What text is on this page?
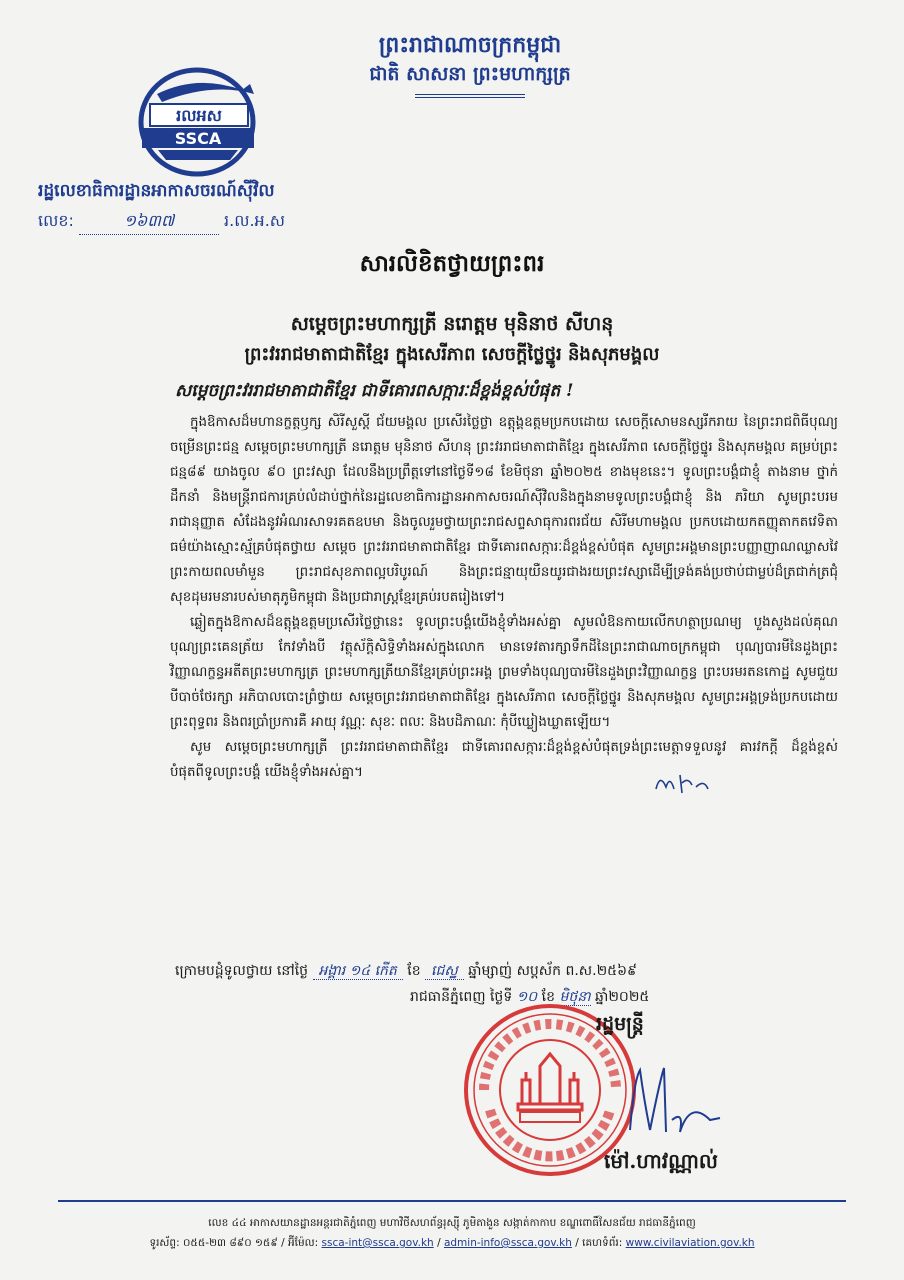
ព្រះរាជាណាចក្រកម្ពុជា

ជាតិ សាសនា ព្រះមហាក្សត្រ

រលអស
SSCA
រដ្ឋលេខាធិការដ្ឋានអាកាសចរណ៍ស៊ីវិល
លេខ:	១៦៣៧	រ.ល.អ.ស
សារលិខិតថ្វាយព្រះពរ
សម្តេចព្រះមហាក្សត្រី នរោត្តម មុនិនាថ សីហនុ
ព្រះវររាជមាតាជាតិខ្មែរ ក្នុងសេរីភាព សេចក្តីថ្លៃថ្នូរ និងសុភមង្គល
សម្តេចព្រះវររាជមាតាជាតិខ្មែរ ជាទីគោរពសក្ការៈដ៏ខ្ពង់ខ្ពស់បំផុត !

ក្នុងឱកាសដ៏មហានក្ខត្តឫក្ស សិរីសួស្តី ជ័យមង្គល ប្រសើរថ្លៃថ្លា ឧត្តុង្គឧត្តមប្រកបដោយ សេចក្តីសោមនស្សរីករាយ នៃព្រះរាជពិធីបុណ្យចម្រើនព្រះជន្ម សម្តេចព្រះមហាក្សត្រី នរោត្តម មុនិនាថ សីហនុ ព្រះវររាជមាតាជាតិខ្មែរ ក្នុងសេរីភាព សេចក្តីថ្លៃថ្នូរ និងសុភមង្គល គម្រប់ព្រះជន្ម៨៩ យាងចូល ៩០ ព្រះវស្សា ដែលនឹងប្រព្រឹត្តទៅនៅថ្ងៃទី១៨ ខែមិថុនា ឆ្នាំ២០២៥ ខាងមុខនេះ។ ទូលព្រះបង្គំជាខ្ញុំ តាងនាម ថ្នាក់ដឹកនាំ និងមន្ត្រីរាជការគ្រប់លំដាប់ថ្នាក់នៃរដ្ឋលេខាធិការដ្ឋានអាកាសចរណ៍ស៊ីវិលនិងក្នុងនាមទូលព្រះបង្គំជាខ្ញុំ និង ភរិយា សូមព្រះបរមរាជានុញ្ញាត សំដែងនូវអំណរសាទរគតឧបមា និងចូលរួមថ្វាយព្រះរាជសព្ទសាធុការពរជ័យ សិរីមហាមង្គល ប្រកបដោយកតញ្ញុតាកតវេទិតាធម៌យ៉ាងស្មោះស្ម័គ្របំផុតថ្វាយ សម្តេច ព្រះវររាជមាតាជាតិខ្មែរ ជាទីគោរពសក្ការៈដ៏ខ្ពង់ខ្ពស់បំផុត សូមព្រះអង្គមានព្រះបញ្ញាញាណឈ្លាសវៃ ព្រះកាយពលមាំមួន ព្រះរាជសុខភាពល្អបរិបូរណ៍ និងព្រះជន្មាយុយឺនយូរជាងរយព្រះវស្សាដើម្បីទ្រង់គង់ប្រថាប់ជាម្លប់ដ៏ត្រជាក់ត្រជុំសុខដុមរមនារបស់មាតុភូមិកម្ពុជា និងប្រជារាស្ត្រខ្មែរគ្រប់របតរៀងទៅ។

ឆ្លៀតក្នុងឱកាសដ៏ឧត្តុង្គឧត្តមប្រសើរថ្លៃថ្លានេះ ទូលព្រះបង្គំយើងខ្ញុំទាំងអស់គ្នា សូមលំឱនកាយលើកហត្ថាប្រណម្យ បួងសួងដល់គុណបុណ្យព្រះគេនត្រ័យ កែវទាំងបី វត្ថុស័ក្តិសិទ្ធិទាំងអស់ក្នុងលោក មានទេវតារក្សាទឹកដីនៃព្រះរាជាណាចក្រកម្ពុជា បុណ្យបារមីនៃដួងព្រះវិញ្ញាណក្ខន្ធអតីតព្រះមហាក្សត្រ ព្រះមហាក្សត្រីយានីខ្មែរគ្រប់ព្រះអង្គ ព្រមទាំងបុណ្យបារមីនៃដួងព្រះវិញ្ញាណក្ខន្ធ ព្រះបរមរតនកោដ្ឋ សូមជួយបីបាច់ថែរក្សា អភិបាលបោះព្រំថ្វាយ សម្តេចព្រះវររាជមាតាជាតិខ្មែរ ក្នុងសេរីភាព សេចក្តីថ្លៃថ្នូរ និងសុភមង្គល សូមព្រះអង្គទ្រង់ប្រកបដោយព្រះពុទ្ធពរ និងពរប្រាំប្រការគឺ អាយុ វណ្ណៈ សុខៈ ពលៈ និងបដិភាណៈ កុំបីឃ្លៀងឃ្លាតឡើយ។

សូម សម្តេចព្រះមហាក្សត្រី ព្រះវររាជមាតាជាតិខ្មែរ ជាទីគោរពសក្ការៈដ៏ខ្ពង់ខ្ពស់បំផុតទ្រង់ព្រះមេត្តាទទួលនូវ គារវកក្តី ដ៏ខ្ពង់ខ្ពស់បំផុតពីទូលព្រះបង្គំ យើងខ្ញុំទាំងអស់គ្នា។

ក្រោមបដ្តំទូលថ្វាយ នៅថ្ងៃ អង្គារ ១៤ កើត ខែ ជេស្ឋ ឆ្នាំម្សាញ់ សប្តស័ក ព.ស.២៥៦៩
រាជធានីភ្នំពេញ ថ្ងៃទី ១០ ខែ មិថុនា ឆ្នាំ២០២៥
រដ្ឋមន្ត្រី
ម៉ៅ.ហាវណ្ណាល់
លេខ ៤៤ អាកាសយានដ្ឋានអន្តរជាតិភ្នំពេញ មហាវិថីសហព័ន្ធរុស្ស៊ី ភូមិតាងួន សង្កាត់កាកាប ខណ្ឌពោធិ៍សែនជ័យ រាជធានីភ្នំពេញ
ទូរស័ព្ទ: ០៥៥-២៣ ៨៩០ ១៥៩ / អ៊ីម៉ែល: ssca-int@ssca.gov.kh / admin-info@ssca.gov.kh / គេហទំព័រ: www.civilaviation.gov.kh
